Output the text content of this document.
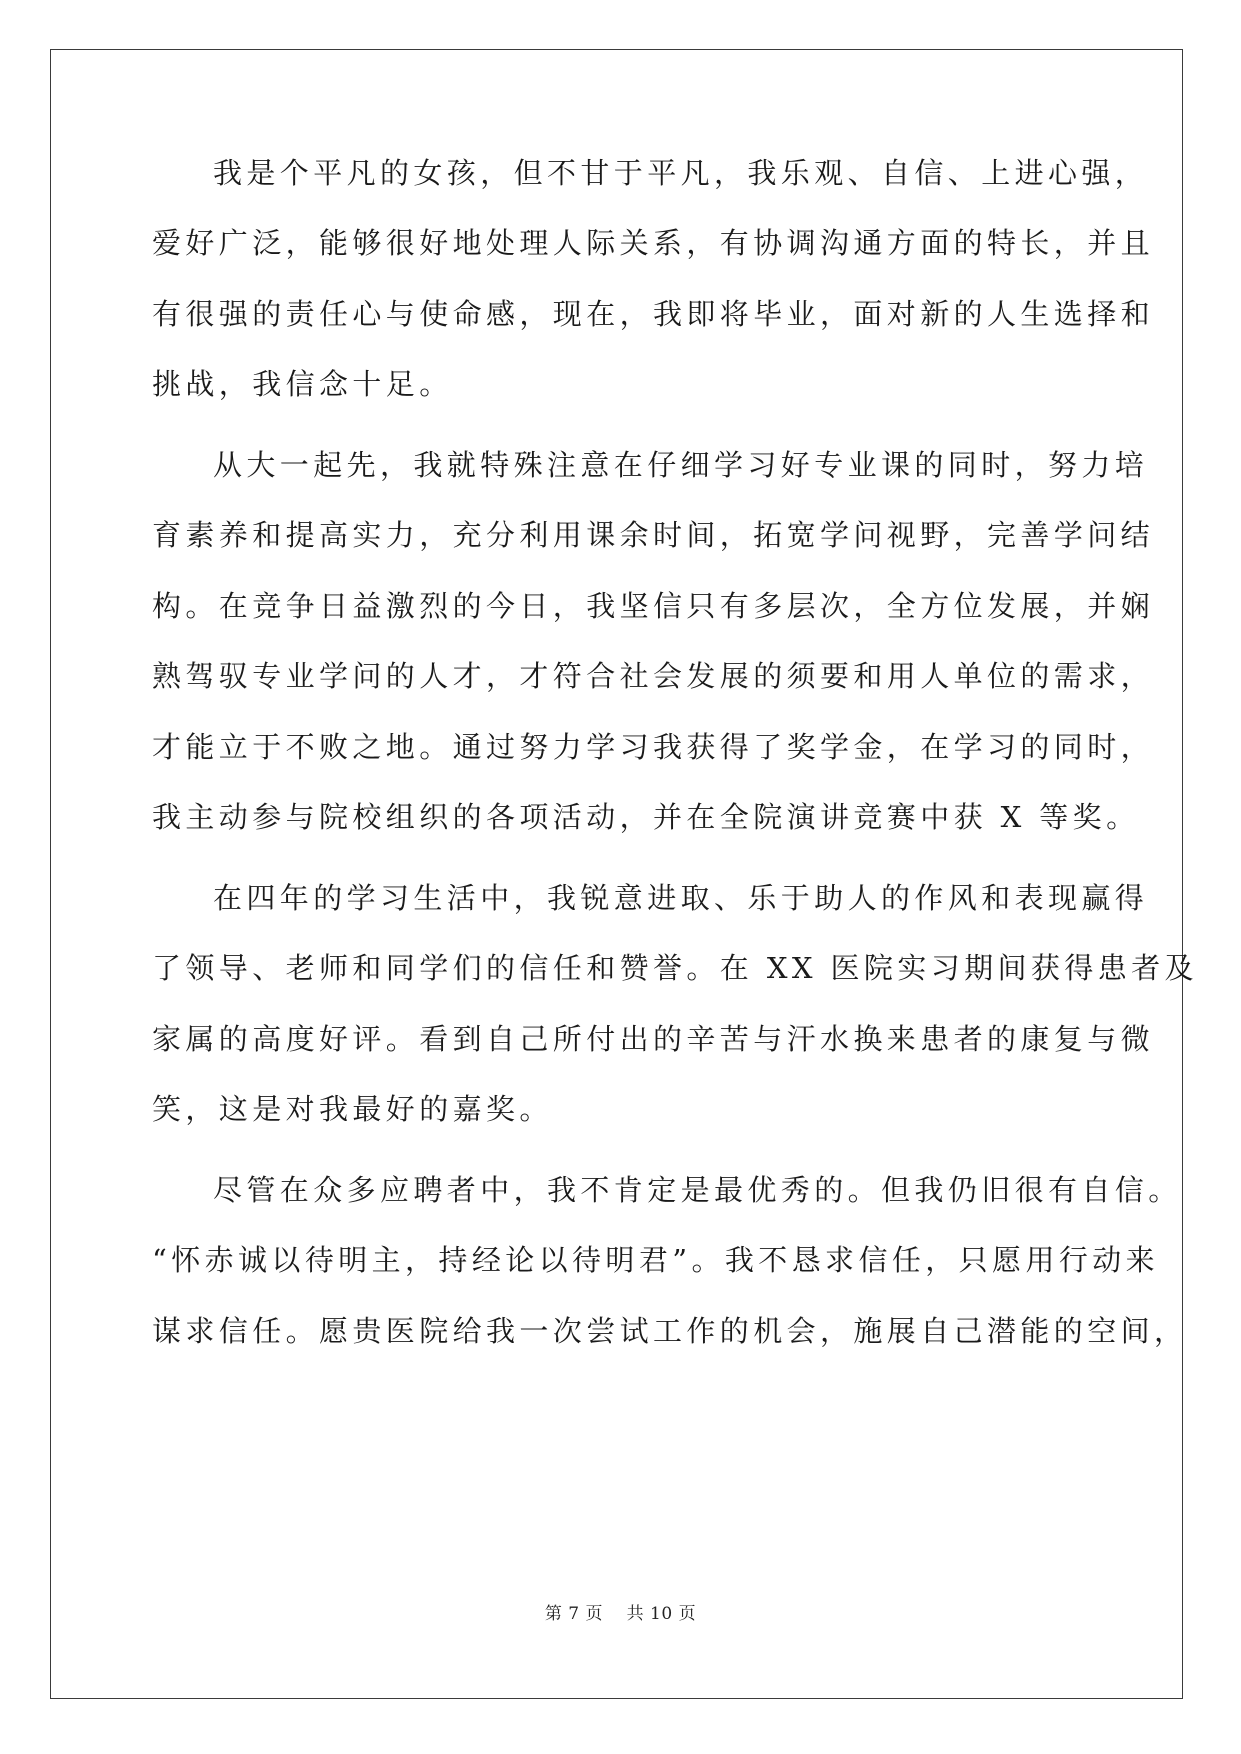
我是个平凡的女孩，但不甘于平凡，我乐观、自信、上进心强，
爱好广泛，能够很好地处理人际关系，有协调沟通方面的特长，并且
有很强的责任心与使命感，现在，我即将毕业，面对新的人生选择和
挑战，我信念十足。
从大一起先，我就特殊注意在仔细学习好专业课的同时，努力培
育素养和提高实力，充分利用课余时间，拓宽学问视野，完善学问结
构。在竞争日益激烈的今日，我坚信只有多层次，全方位发展，并娴
熟驾驭专业学问的人才，才符合社会发展的须要和用人单位的需求，
才能立于不败之地。通过努力学习我获得了奖学金，在学习的同时，
我主动参与院校组织的各项活动，并在全院演讲竞赛中获 X 等奖。
在四年的学习生活中，我锐意进取、乐于助人的作风和表现赢得
了领导、老师和同学们的信任和赞誉。在 XX 医院实习期间获得患者及
家属的高度好评。看到自己所付出的辛苦与汗水换来患者的康复与微
笑，这是对我最好的嘉奖。
尽管在众多应聘者中，我不肯定是最优秀的。但我仍旧很有自信。
“怀赤诚以待明主，持经论以待明君”。我不恳求信任，只愿用行动来
谋求信任。愿贵医院给我一次尝试工作的机会，施展自己潜能的空间，
第 7 页    共 10 页
